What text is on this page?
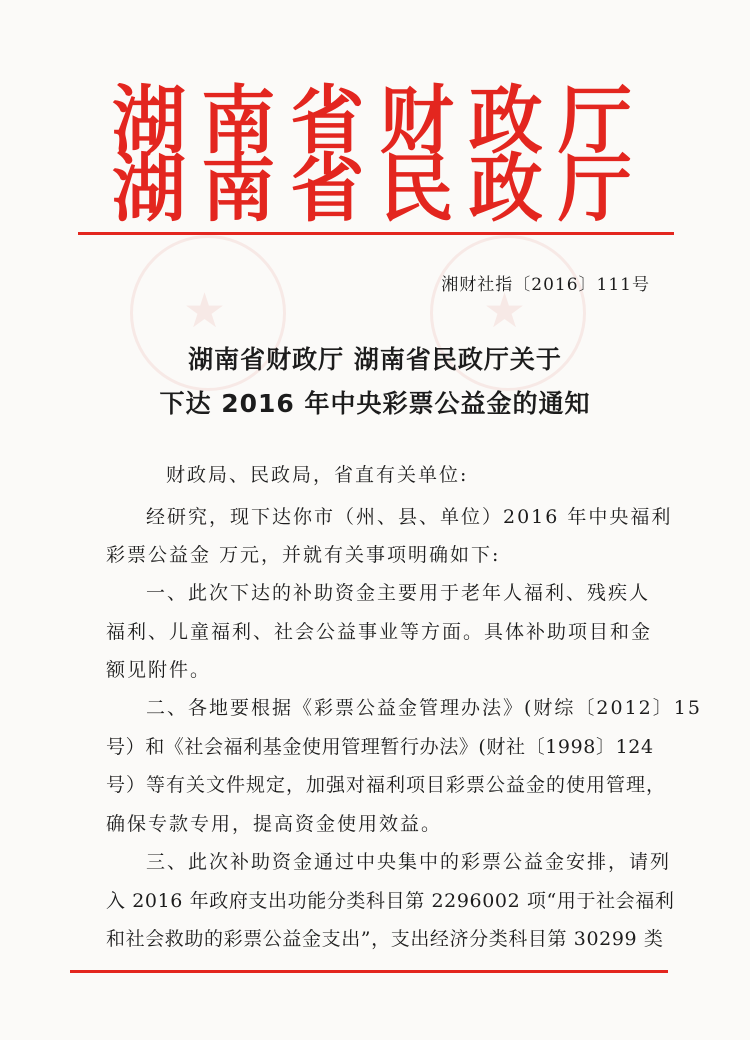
★	★
湖 南 省 财 政 厅
湖 南 省 民 政 厅
湘财社指〔2016〕111号
湖南省财政厅 湖南省民政厅关于
下达 2016 年中央彩票公益金的通知
财政局、民政局，省直有关单位:
经研究，现下达你市（州、县、单位）2016 年中央福利
彩票公益金 万元，并就有关事项明确如下:
一、此次下达的补助资金主要用于老年人福利、残疾人
福利、儿童福利、社会公益事业等方面。具体补助项目和金
额见附件。
二、各地要根据《彩票公益金管理办法》(财综〔2012〕15
号）和《社会福利基金使用管理暂行办法》(财社〔1998〕124
号）等有关文件规定，加强对福利项目彩票公益金的使用管理，
确保专款专用，提高资金使用效益。
三、此次补助资金通过中央集中的彩票公益金安排，请列
入 2016 年政府支出功能分类科目第 2296002 项“用于社会福利
和社会救助的彩票公益金支出”，支出经济分类科目第 30299 类
